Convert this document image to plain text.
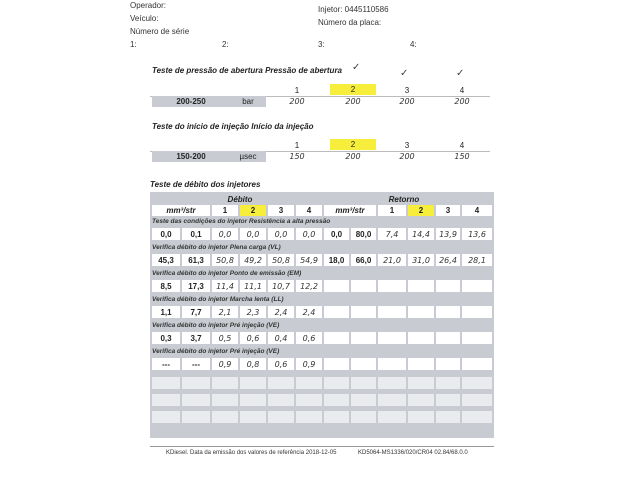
Operador:
Veículo:
Número de série
Injetor: 0445110586
Número da placa:
1:	2:	3:	4:
Teste de pressão de abertura Pressão de abertura ✓
✓	✓
1	2	3	4
200-250	bar	200	200	200	200
Teste do início de injeção Início da injeção
1	2	3	4
150-200	µsec	150	200	200	150
Teste de débito dos injetores
Débito	Retorno
mm³/str	1	2	3	4	mm³/str	1	2	3	4
Teste das condições do injetor Resistência a alta pressão
0,0	0,1	0,0	0,0	0,0	0,0	0,0	80,0	7,4	14,4	13,9	13,6
Verifica débito do injetor Plena carga (VL)
45,3	61,3	50,8	49,2	50,8	54,9	18,0	66,0	21,0	31,0	26,4	28,1
Verifica débito do injetor Ponto de emissão (EM)
8,5	17,3	11,4	11,1	10,7	12,2
Verifica débito do injetor Marcha lenta (LL)
1,1	7,7	2,1	2,3	2,4	2,4
Verifica débito do injetor Pré injeção (VE)
0,3	3,7	0,5	0,6	0,4	0,6
Verifica débito do injetor Pré injeção (VE)
---	---	0,9	0,8	0,6	0,9
KDiesel. Data da emissão dos valores de referência 2018-12-05	KD5064-MS1336/020/CR04 02.84/68.0.0
